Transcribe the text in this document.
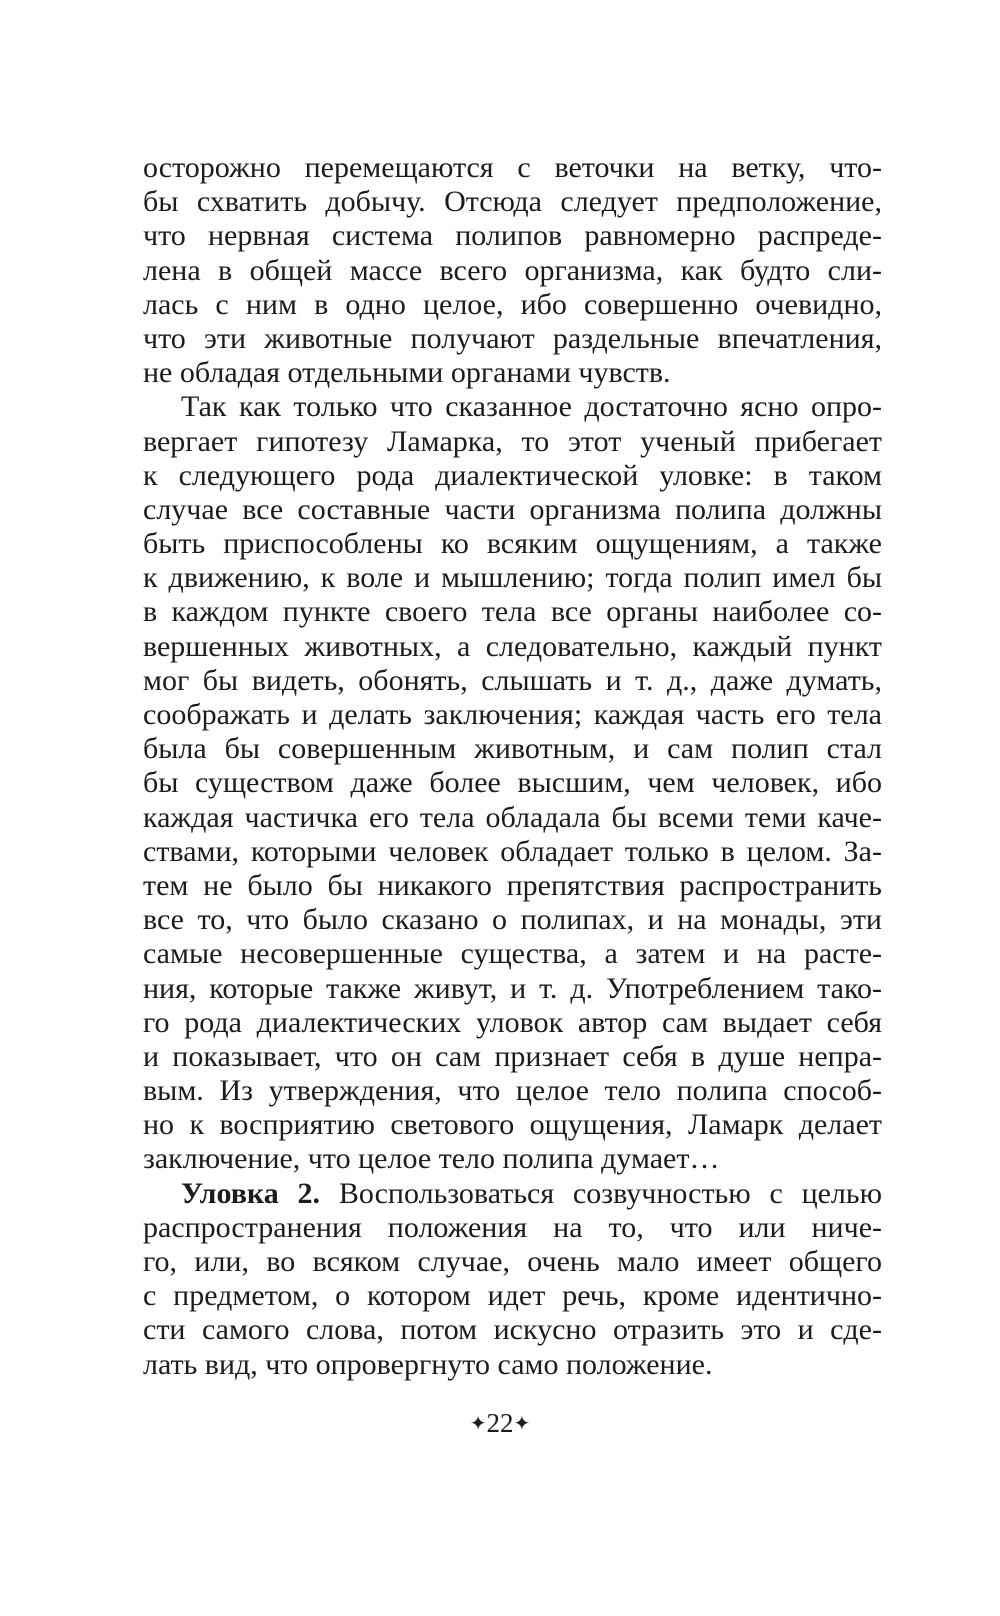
осторожно перемещаются с веточки на ветку, что-
бы схватить добычу. Отсюда следует предположение,
что нервная система полипов равномерно распреде-
лена в общей массе всего организма, как будто сли-
лась с ним в одно целое, ибо совершенно очевидно,
что эти животные получают раздельные впечатления,
не обладая отдельными органами чувств.
Так как только что сказанное достаточно ясно опро-
вергает гипотезу Ламарка, то этот ученый прибегает
к следующего рода диалектической уловке: в таком
случае все составные части организма полипа должны
быть приспособлены ко всяким ощущениям, а также
к движению, к воле и мышлению; тогда полип имел бы
в каждом пункте своего тела все органы наиболее со-
вершенных животных, а следовательно, каждый пункт
мог бы видеть, обонять, слышать и т. д., даже думать,
соображать и делать заключения; каждая часть его тела
была бы совершенным животным, и сам полип стал
бы существом даже более высшим, чем человек, ибо
каждая частичка его тела обладала бы всеми теми каче-
ствами, которыми человек обладает только в целом. За-
тем не было бы никакого препятствия распространить
все то, что было сказано о полипах, и на монады, эти
самые несовершенные существа, а затем и на расте-
ния, которые также живут, и т. д. Употреблением тако-
го рода диалектических уловок автор сам выдает себя
и показывает, что он сам признает себя в душе непра-
вым. Из утверждения, что целое тело полипа способ-
но к восприятию светового ощущения, Ламарк делает
заключение, что целое тело полипа думает…
Уловка 2. Воспользоваться созвучностью с целью
распространения положения на то, что или ниче-
го, или, во всяком случае, очень мало имеет общего
с предметом, о котором идет речь, кроме идентично-
сти самого слова, потом искусно отразить это и сде-
лать вид, что опровергнуто само положение.
✦22✦
